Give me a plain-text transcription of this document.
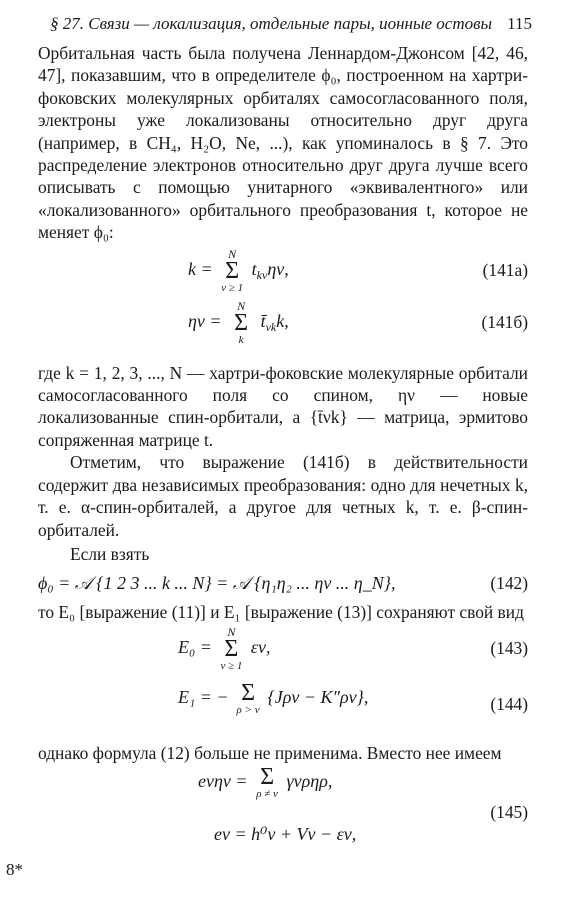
§ 27. Связи — локализация, отдельные пары, ионные остовы 115

Орбитальная часть была получена Леннардом-Джонсом [42, 46, 47], показавшим, что в определителе ϕ₀, построенном на хартри-фоковских молекулярных орбиталях самосогласованного поля, электроны уже локализованы относительно друг друга (например, в CH₄, H₂O, Ne, ...), как упоминалось в § 7. Это распределение электронов относительно друг друга лучше всего описывать с помощью унитарного «эквивалентного» или «локализованного» орбитального преобразования t, которое не меняет ϕ₀:

k =
N
Σ
ν ≥ 1
$t_{k\nu}\eta\nu$,	(141а)
ην =
N
Σ
k
$t̄_{\nu k}k$,	(141б)

где k = 1, 2, 3, ..., N — хартри-фоковские молекулярные орбитали самосогласованного поля со спином, ην — новые локализованные спин-орбитали, а {t̄νk} — матрица, эрмитово сопряженная матрице t.

Отметим, что выражение (141б) в действительности содержит два независимых преобразования: одно для нечетных k, т. е. α-спин-орбиталей, а другое для четных k, т. е. β-спин-орбиталей.

Если взять

ϕ₀ = 𝒜 {1 2 3 ... k ... N} = 𝒜 {η₁η₂ ... ην ... η_N},	(142)

то E₀ [выражение (11)] и E₁ [выражение (13)] сохраняют свой вид

E₀ =
N
Σ
ν ≥ 1
εν,	(143)
E₁ = − Σ
ρ > ν
{Jρν − K″ρν},	(144)

однако формула (12) больше не применима. Вместо нее имеем

eνην = Σ
ρ ≠ ν
γνρηρ,
eν = h⁰ν + Vν − εν,
(145)
8*
